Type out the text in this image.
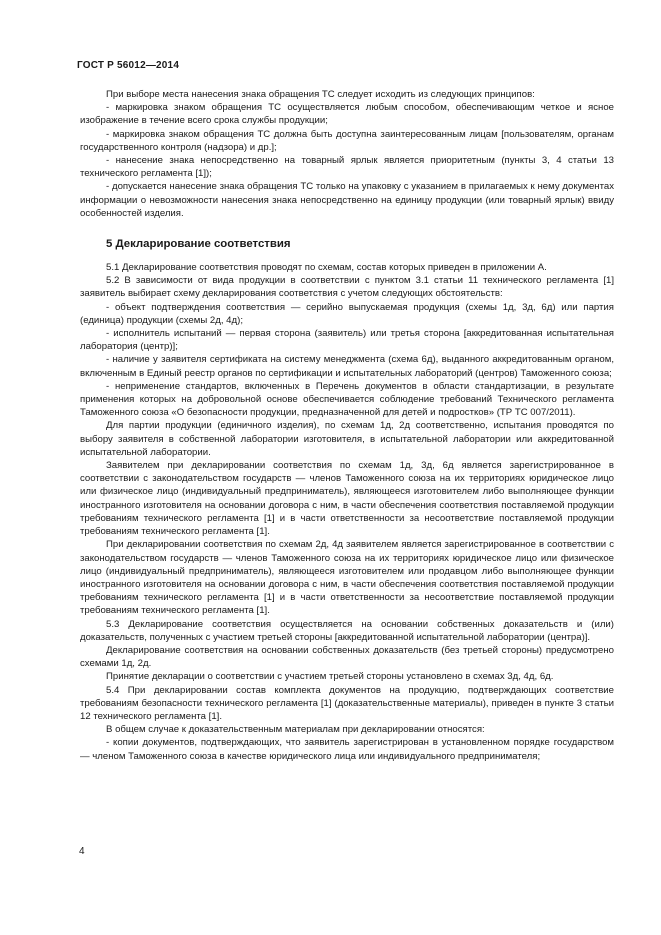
ГОСТ Р 56012—2014

При выборе места нанесения знака обращения ТС следует исходить из следующих принципов:

- маркировка знаком обращения ТС осуществляется любым способом, обеспечивающим четкое и ясное изображение в течение всего срока службы продукции;

- маркировка знаком обращения ТС должна быть доступна заинтересованным лицам [пользователям, органам государственного контроля (надзора) и др.];

- нанесение знака непосредственно на товарный ярлык является приоритетным (пункты 3, 4 статьи 13 технического регламента [1]);

- допускается нанесение знака обращения ТС только на упаковку с указанием в прилагаемых к нему документах информации о невозможности нанесения знака непосредственно на единицу продукции (или товарный ярлык) ввиду особенностей изделия.

5 Декларирование соответствия

5.1 Декларирование соответствия проводят по схемам, состав которых приведен в приложении А.

5.2 В зависимости от вида продукции в соответствии с пунктом 3.1 статьи 11 технического регламента [1] заявитель выбирает схему декларирования соответствия с учетом следующих обстоятельств:

- объект подтверждения соответствия — серийно выпускаемая продукция (схемы 1д, 3д, 6д) или партия (единица) продукции (схемы 2д, 4д);

- исполнитель испытаний — первая сторона (заявитель) или третья сторона [аккредитованная испытательная лаборатория (центр)];

- наличие у заявителя сертификата на систему менеджмента (схема 6д), выданного аккредитованным органом, включенным в Единый реестр органов по сертификации и испытательных лабораторий (центров) Таможенного союза;

- неприменение стандартов, включенных в Перечень документов в области стандартизации, в результате применения которых на добровольной основе обеспечивается соблюдение требований Технического регламента Таможенного союза «О безопасности продукции, предназначенной для детей и подростков» (ТР ТС 007/2011).

Для партии продукции (единичного изделия), по схемам 1д, 2д соответственно, испытания проводятся по выбору заявителя в собственной лаборатории изготовителя, в испытательной лаборатории или аккредитованной испытательной лаборатории.

Заявителем при декларировании соответствия по схемам 1д, 3д, 6д является зарегистрированное в соответствии с законодательством государств — членов Таможенного союза на их территориях юридическое лицо или физическое лицо (индивидуальный предприниматель), являющееся изготовителем либо выполняющее функции иностранного изготовителя на основании договора с ним, в части обеспечения соответствия поставляемой продукции требованиям технического регламента [1] и в части ответственности за несоответствие поставляемой продукции требованиям технического регламента [1].

При декларировании соответствия по схемам 2д, 4д заявителем является зарегистрированное в соответствии с законодательством государств — членов Таможенного союза на их территориях юридическое лицо или физическое лицо (индивидуальный предприниматель), являющееся изготовителем или продавцом либо выполняющее функции иностранного изготовителя на основании договора с ним, в части обеспечения соответствия поставляемой продукции требованиям технического регламента [1] и в части ответственности за несоответствие поставляемой продукции требованиям технического регламента [1].

5.3 Декларирование соответствия осуществляется на основании собственных доказательств и (или) доказательств, полученных с участием третьей стороны [аккредитованной испытательной лаборатории (центра)].

Декларирование соответствия на основании собственных доказательств (без третьей стороны) предусмотрено схемами 1д, 2д.

Принятие декларации о соответствии с участием третьей стороны установлено в схемах 3д, 4д, 6д.

5.4 При декларировании состав комплекта документов на продукцию, подтверждающих соответствие требованиям безопасности технического регламента [1] (доказательственные материалы), приведен в пункте 3 статьи 12 технического регламента [1].

В общем случае к доказательственным материалам при декларировании относятся:

- копии документов, подтверждающих, что заявитель зарегистрирован в установленном порядке государством — членом Таможенного союза в качестве юридического лица или индивидуального предпринимателя;

4
